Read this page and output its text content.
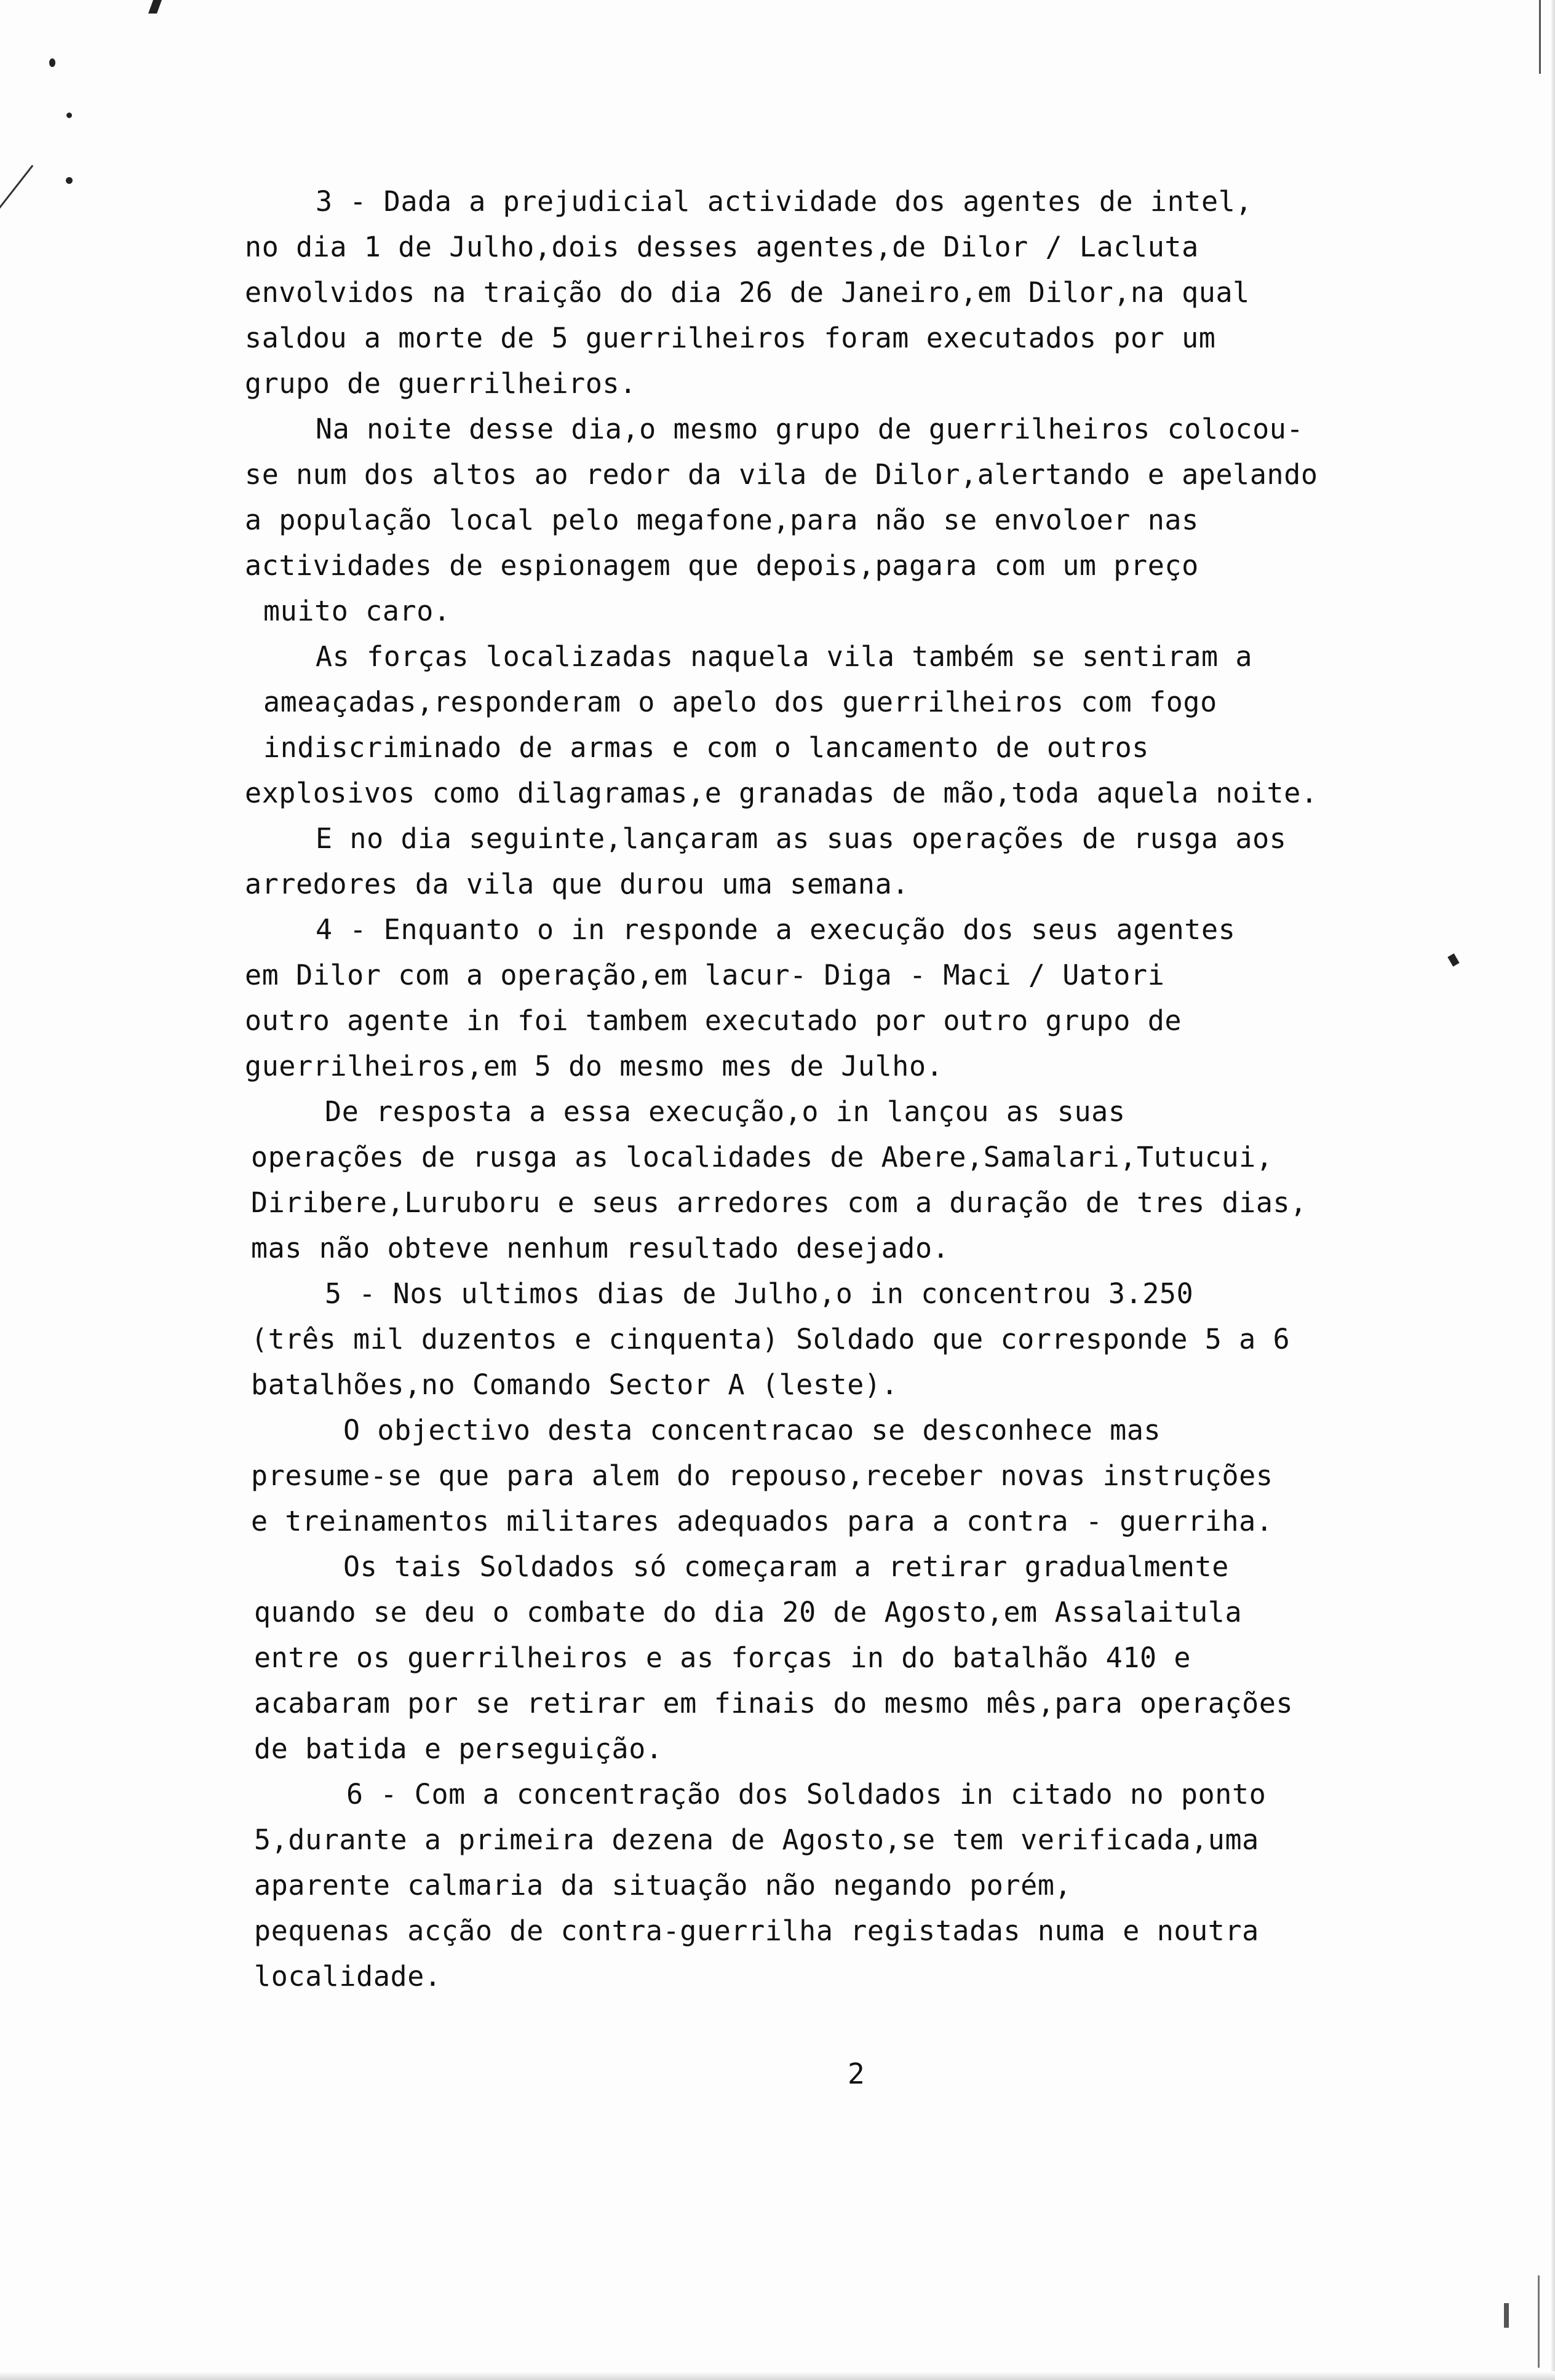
3 - Dada a prejudicial actividade dos agentes de intel,
no dia 1 de Julho,dois desses agentes,de Dilor / Lacluta
envolvidos na traição do dia 26 de Janeiro,em Dilor,na qual
saldou a morte de 5 guerrilheiros foram executados por um
grupo de guerrilheiros.
Na noite desse dia,o mesmo grupo de guerrilheiros colocou-
se num dos altos ao redor da vila de Dilor,alertando e apelando
a população local pelo megafone,para não se envoloer nas
actividades de espionagem que depois,pagara com um preço
muito caro.
As forças localizadas naquela vila também se sentiram a
ameaçadas,responderam o apelo dos guerrilheiros com fogo
indiscriminado de armas e com o lancamento de outros
explosivos como dilagramas,e granadas de mão,toda aquela noite.
E no dia seguinte,lançaram as suas operações de rusga aos
arredores da vila que durou uma semana.
4 - Enquanto o in responde a execução dos seus agentes
em Dilor com a operação,em lacur- Diga - Maci / Uatori
outro agente in foi tambem executado por outro grupo de
guerrilheiros,em 5 do mesmo mes de Julho.
De resposta a essa execução,o in lançou as suas
operações de rusga as localidades de Abere,Samalari,Tutucui,
Diribere,Luruboru e seus arredores com a duração de tres dias,
mas não obteve nenhum resultado desejado.
5 - Nos ultimos dias de Julho,o in concentrou 3.250
(três mil duzentos e cinquenta) Soldado que corresponde 5 a 6
batalhões,no Comando Sector A (leste).
O objectivo desta concentracao se desconhece mas
presume-se que para alem do repouso,receber novas instruções
e treinamentos militares adequados para a contra - guerriha.
Os tais Soldados só começaram a retirar gradualmente
quando se deu o combate do dia 20 de Agosto,em Assalaitula
entre os guerrilheiros e as forças in do batalhão 410 e
acabaram por se retirar em finais do mesmo mês,para operações
de batida e perseguição.
6 - Com a concentração dos Soldados in citado no ponto
5,durante a primeira dezena de Agosto,se tem verificada,uma
aparente calmaria da situação não negando porém,
pequenas acção de contra-guerrilha registadas numa e noutra
localidade.
2
